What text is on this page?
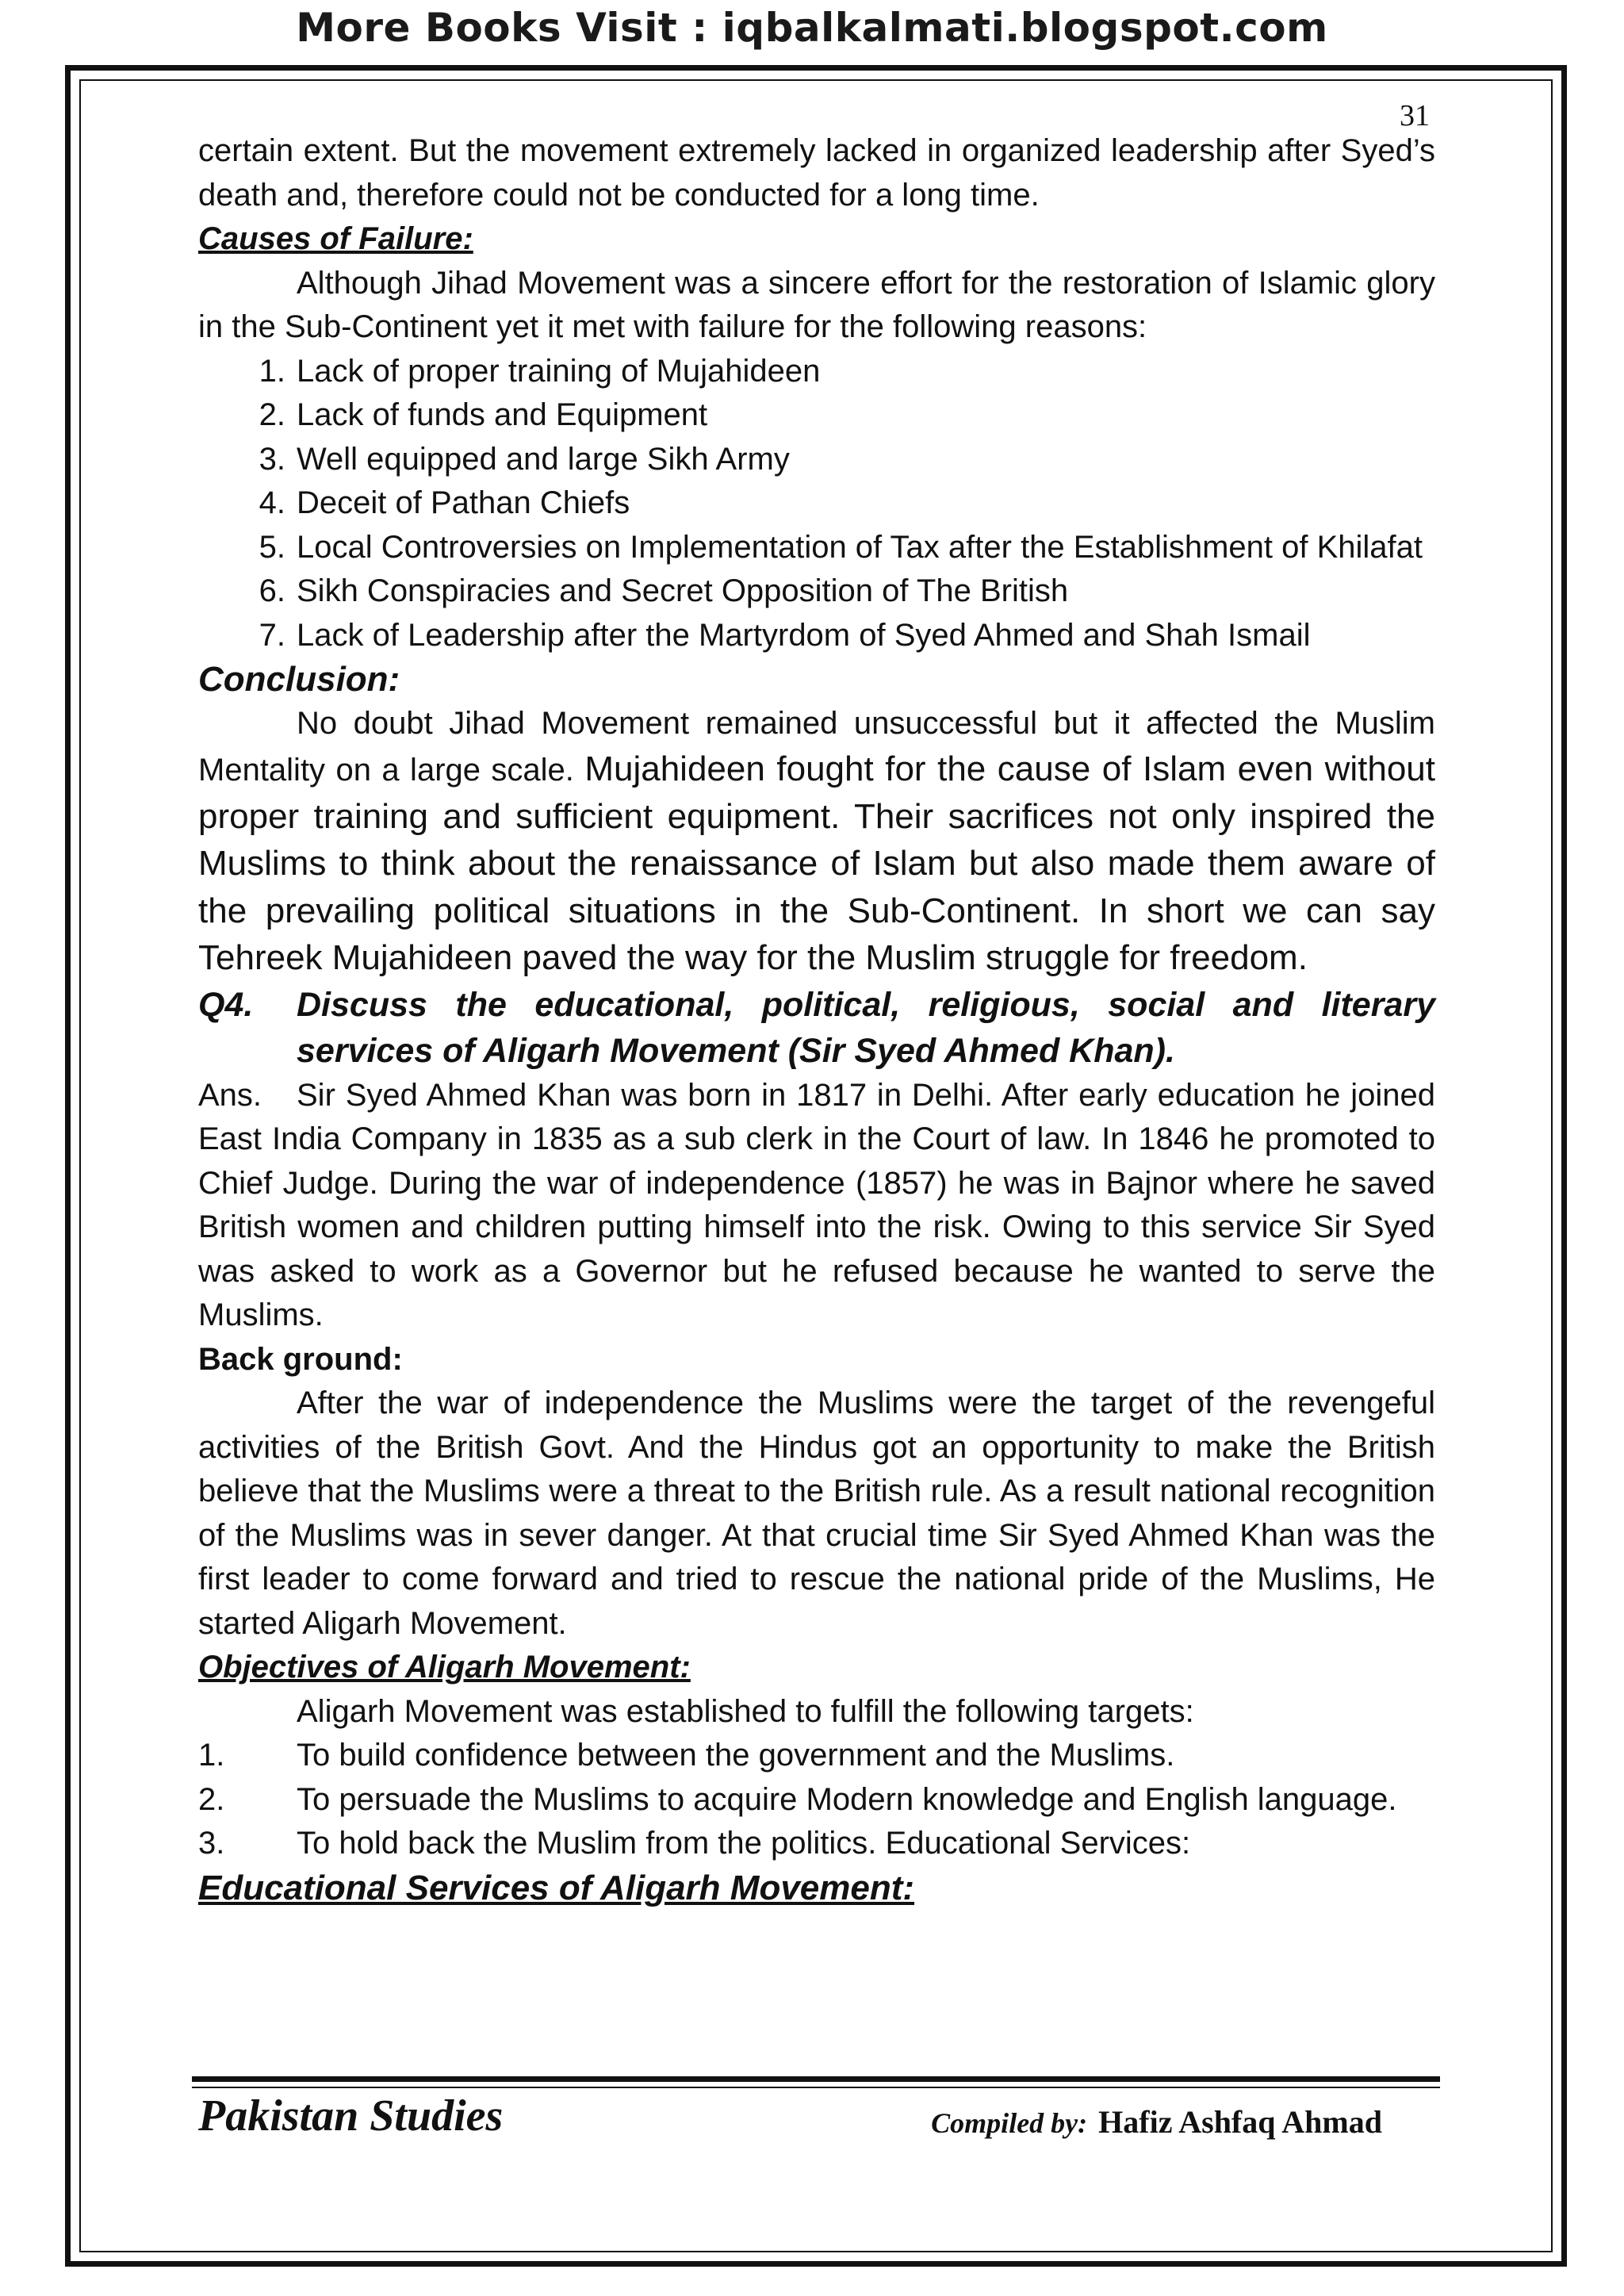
More Books Visit : iqbalkalmati.blogspot.com
31

certain extent. But the movement extremely lacked in organized leadership after Syed’s death and, therefore could not be conducted for a long time.

Causes of Failure:

Although Jihad Movement was a sincere effort for the restoration of Islamic glory in the Sub-Continent yet it met with failure for the following reasons:

1. Lack of proper training of Mujahideen
2. Lack of funds and Equipment
3. Well equipped and large Sikh Army
4. Deceit of Pathan Chiefs
5. Local Controversies on Implementation of Tax after the Establishment of Khilafat
6. Sikh Conspiracies and Secret Opposition of The British
7. Lack of Leadership after the Martyrdom of Syed Ahmed and Shah Ismail
Conclusion:

No doubt Jihad Movement remained unsuccessful but it affected the Muslim Mentality on a large scale. Mujahideen fought for the cause of Islam even without proper training and sufficient equipment. Their sacrifices not only inspired the Muslims to think about the renaissance of Islam but also made them aware of the prevailing political situations in the Sub-Continent. In short we can say Tehreek Mujahideen paved the way for the Muslim struggle for freedom.

Q4.	Discuss the educational, political, religious, social and literary services of Aligarh Movement (Sir Syed Ahmed Khan).

Ans. Sir Syed Ahmed Khan was born in 1817 in Delhi. After early education he joined East India Company in 1835 as a sub clerk in the Court of law. In 1846 he promoted to Chief Judge. During the war of independence (1857) he was in Bajnor where he saved British women and children putting himself into the risk. Owing to this service Sir Syed was asked to work as a Governor but he refused because he wanted to serve the Muslims.

Back ground:

After the war of independence the Muslims were the target of the revengeful activities of the British Govt. And the Hindus got an opportunity to make the British believe that the Muslims were a threat to the British rule. As a result national recognition of the Muslims was in sever danger. At that crucial time Sir Syed Ahmed Khan was the first leader to come forward and tried to rescue the national pride of the Muslims, He started Aligarh Movement.

Objectives of Aligarh Movement:

Aligarh Movement was established to fulfill the following targets:

1.	To build confidence between the government and the Muslims.
2.	To persuade the Muslims to acquire Modern knowledge and English language.
3.	To hold back the Muslim from the politics. Educational Services:
Educational Services of Aligarh Movement:
Pakistan Studies	Compiled by: Hafiz Ashfaq Ahmad
